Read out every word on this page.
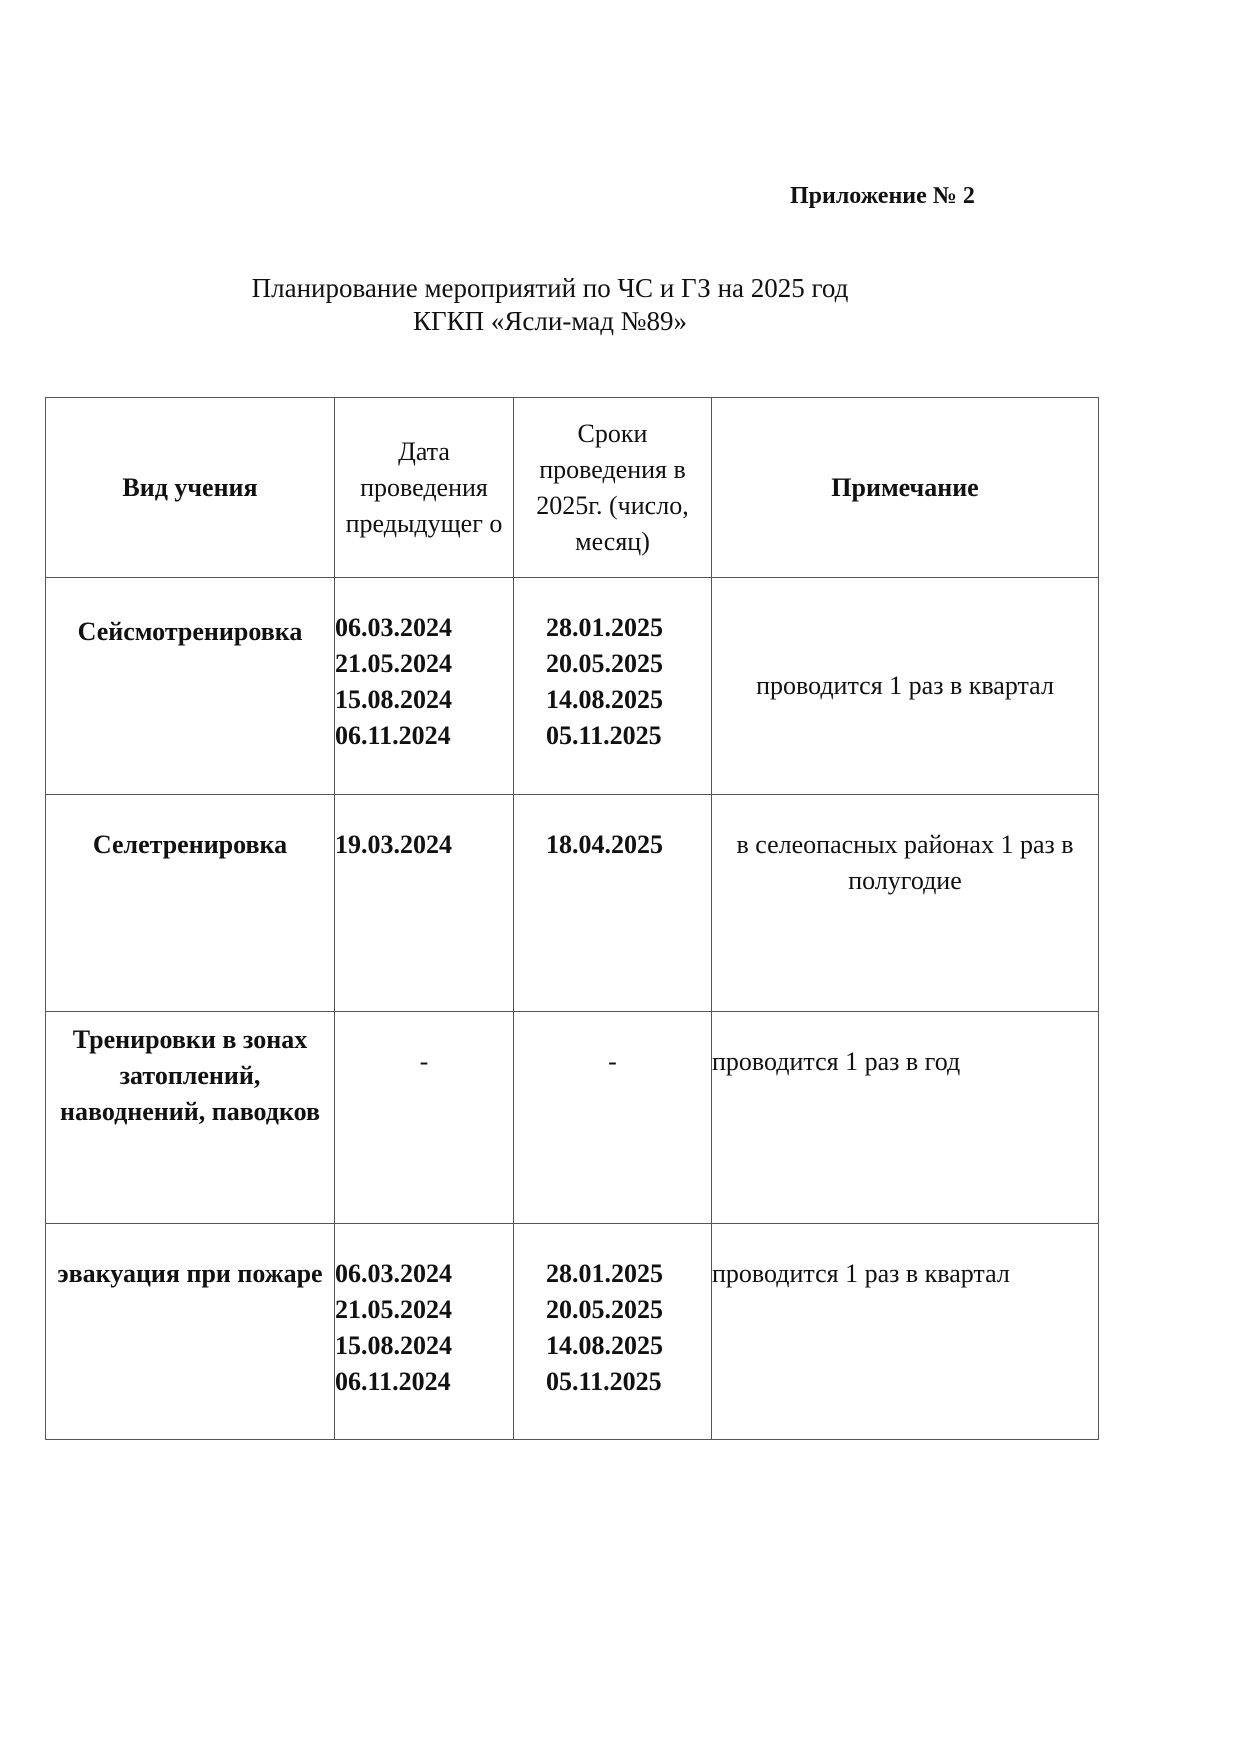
Приложение № 2
Планирование мероприятий по ЧС и ГЗ на 2025 год
КГКП «Ясли-мад №89»
Вид учения	Дата проведения предыдущег о	Сроки проведения в 2025г. (число, месяц)	Примечание
Сейсмотренировка	06.03.2024
21.05.2024
15.08.2024
06.11.2024	28.01.2025
20.05.2025
14.08.2025
05.11.2025	проводится 1 раз в квартал
Селетренировка	19.03.2024	18.04.2025	в селеопасных районах 1 раз в полугодие
Тренировки в зонах затоплений, наводнений, паводков	-	-	проводится 1 раз в год
эвакуация при пожаре	06.03.2024
21.05.2024
15.08.2024
06.11.2024	28.01.2025
20.05.2025
14.08.2025
05.11.2025	проводится 1 раз в квартал
